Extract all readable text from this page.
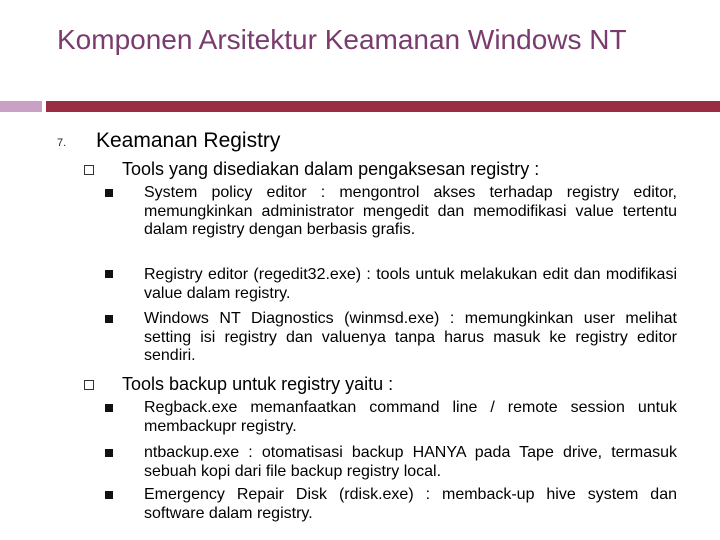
Komponen Arsitektur Keamanan Windows NT
7. Keamanan Registry
Tools yang disediakan dalam pengaksesan registry :
System policy editor : mengontrol akses terhadap registry editor, memungkinkan administrator mengedit dan memodifikasi value tertentu dalam registry dengan berbasis grafis.
Registry editor (regedit32.exe) : tools untuk melakukan edit dan modifikasi value dalam registry.
Windows NT Diagnostics (winmsd.exe) : memungkinkan user melihat setting isi registry dan valuenya tanpa harus masuk ke registry editor sendiri.
Tools backup untuk registry yaitu :
Regback.exe memanfaatkan command line / remote session untuk membackupr registry.
ntbackup.exe : otomatisasi backup HANYA pada Tape drive, termasuk sebuah kopi dari file backup registry local.
Emergency Repair Disk (rdisk.exe) : memback-up hive system dan software dalam registry.
